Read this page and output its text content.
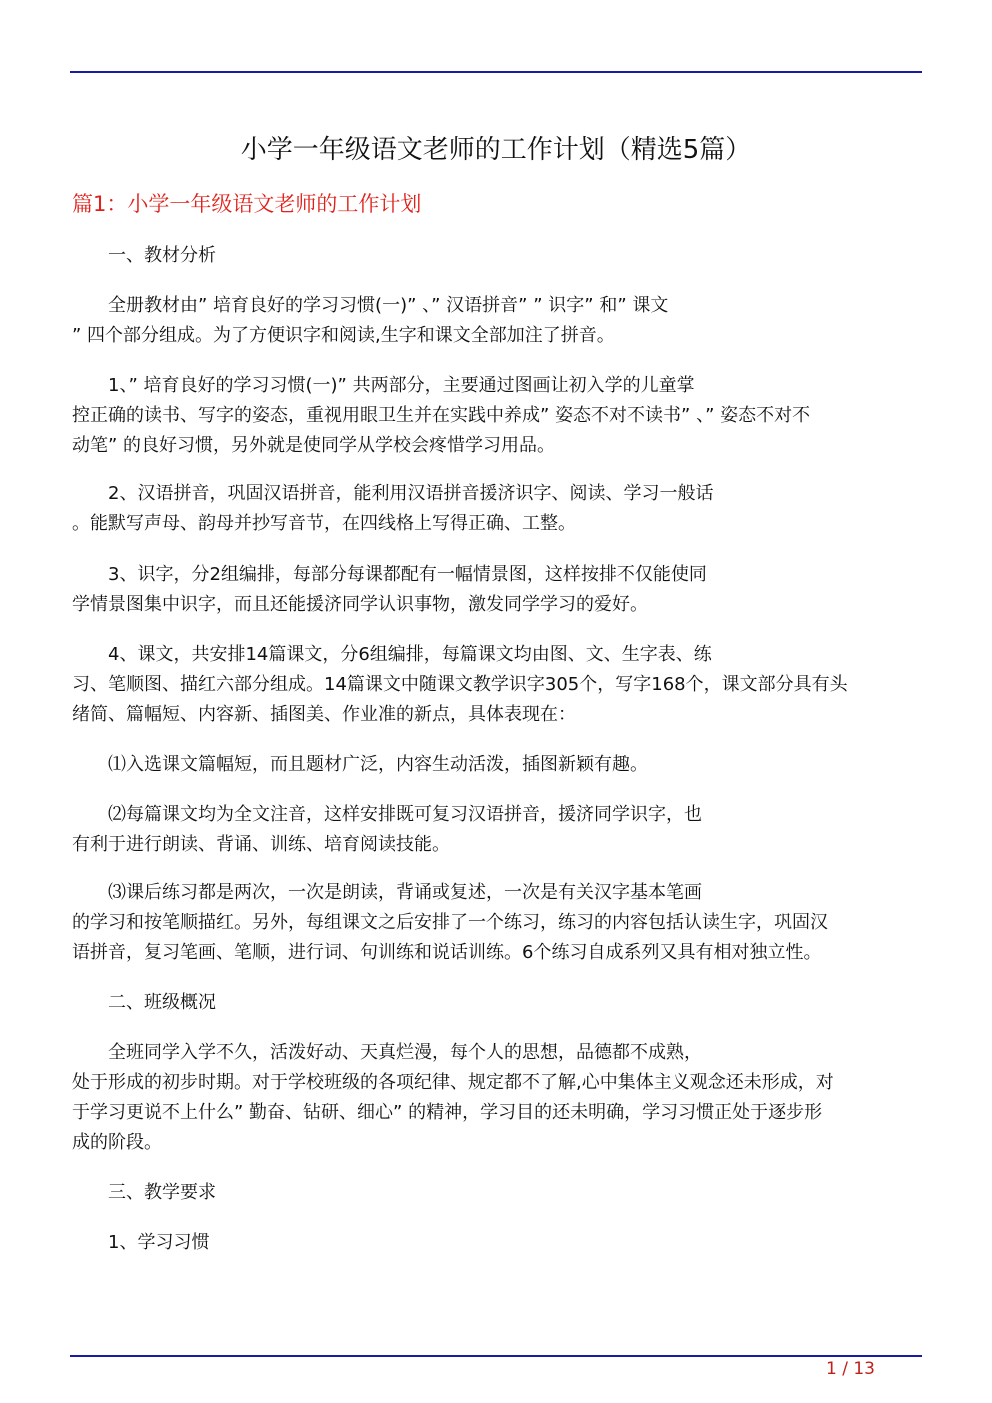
小学一年级语文老师的工作计划（精选5篇）
篇1：小学一年级语文老师的工作计划
一、教材分析
全册教材由” 培育良好的学习习惯(一)” 、” 汉语拼音” ” 识字” 和” 课文
” 四个部分组成。为了方便识字和阅读,生字和课文全部加注了拼音。
1、” 培育良好的学习习惯(一)” 共两部分，主要通过图画让初入学的儿童掌
控正确的读书、写字的姿态，重视用眼卫生并在实践中养成” 姿态不对不读书” 、” 姿态不对不
动笔” 的良好习惯，另外就是使同学从学校会疼惜学习用品。
2、汉语拼音，巩固汉语拼音，能利用汉语拼音援济识字、阅读、学习一般话
。能默写声母、韵母并抄写音节，在四线格上写得正确、工整。
3、识字，分2组编排，每部分每课都配有一幅情景图，这样按排不仅能使同
学情景图集中识字，而且还能援济同学认识事物，激发同学学习的爱好。
4、课文，共安排14篇课文，分6组编排，每篇课文均由图、文、生字表、练
习、笔顺图、描红六部分组成。14篇课文中随课文教学识字305个，写字168个，课文部分具有头
绪简、篇幅短、内容新、插图美、作业准的新点，具体表现在：
⑴入选课文篇幅短，而且题材广泛，内容生动活泼，插图新颖有趣。
⑵每篇课文均为全文注音，这样安排既可复习汉语拼音，援济同学识字，也
有利于进行朗读、背诵、训练、培育阅读技能。
⑶课后练习都是两次，一次是朗读，背诵或复述，一次是有关汉字基本笔画
的学习和按笔顺描红。另外，每组课文之后安排了一个练习，练习的内容包括认读生字，巩固汉
语拼音，复习笔画、笔顺，进行词、句训练和说话训练。6个练习自成系列又具有相对独立性。
二、班级概况
全班同学入学不久，活泼好动、天真烂漫，每个人的思想，品德都不成熟，
处于形成的初步时期。对于学校班级的各项纪律、规定都不了解,心中集体主义观念还未形成，对
于学习更说不上什么” 勤奋、钻研、细心” 的精神，学习目的还未明确，学习习惯正处于逐步形
成的阶段。
三、教学要求
1、学习习惯
1 / 13
